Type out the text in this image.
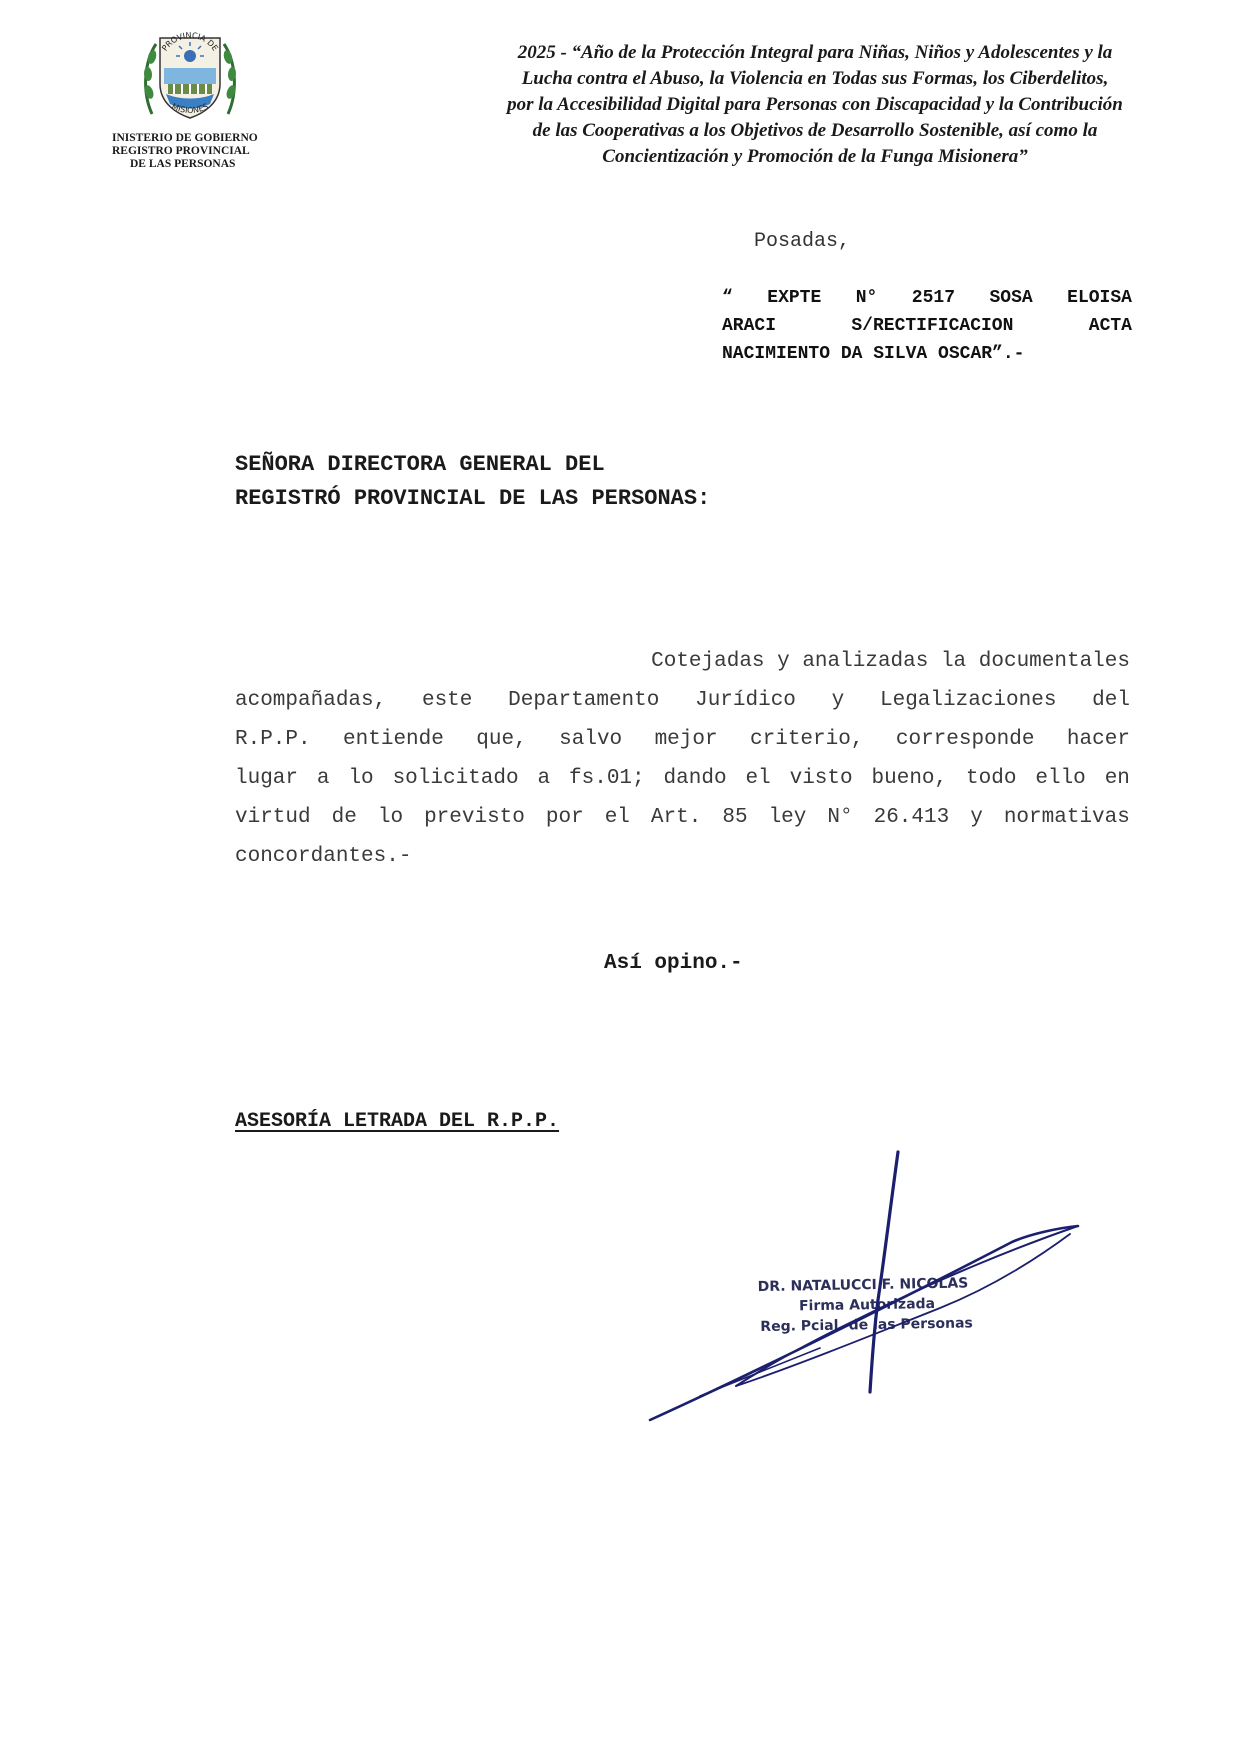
PROVINCIA DE
MISIONES
INISTERIO DE GOBIERNO
REGISTRO PROVINCIAL
DE LAS PERSONAS
2025 - “Año de la Protección Integral para Niñas, Niños y Adolescentes y la
Lucha contra el Abuso, la Violencia en Todas sus Formas, los Ciberdelitos,
por la Accesibilidad Digital para Personas con Discapacidad y la Contribución
de las Cooperativas a los Objetivos de Desarrollo Sostenible, así como la
Concientización y Promoción de la Funga Misionera”
Posadas,
“ EXPTE N° 2517 SOSA ELOISA
ARACI	S/RECTIFICACION	ACTA
NACIMIENTO DA SILVA OSCAR”.-
SEÑORA DIRECTORA GENERAL DEL
REGISTRÓ PROVINCIAL DE LAS PERSONAS:
Cotejadas y analizadas la documentales
acompañadas, este Departamento Jurídico y Legalizaciones del
R.P.P. entiende que, salvo mejor criterio, corresponde hacer
lugar a lo solicitado a fs.01; dando el visto bueno, todo ello en
virtud de lo previsto por el Art. 85 ley N° 26.413 y normativas
concordantes.-
Así opino.-
ASESORÍA LETRADA DEL R.P.P.
DR. NATALUCCI F. NICOLAS
Firma Autorizada
Reg. Pcial. de las Personas
